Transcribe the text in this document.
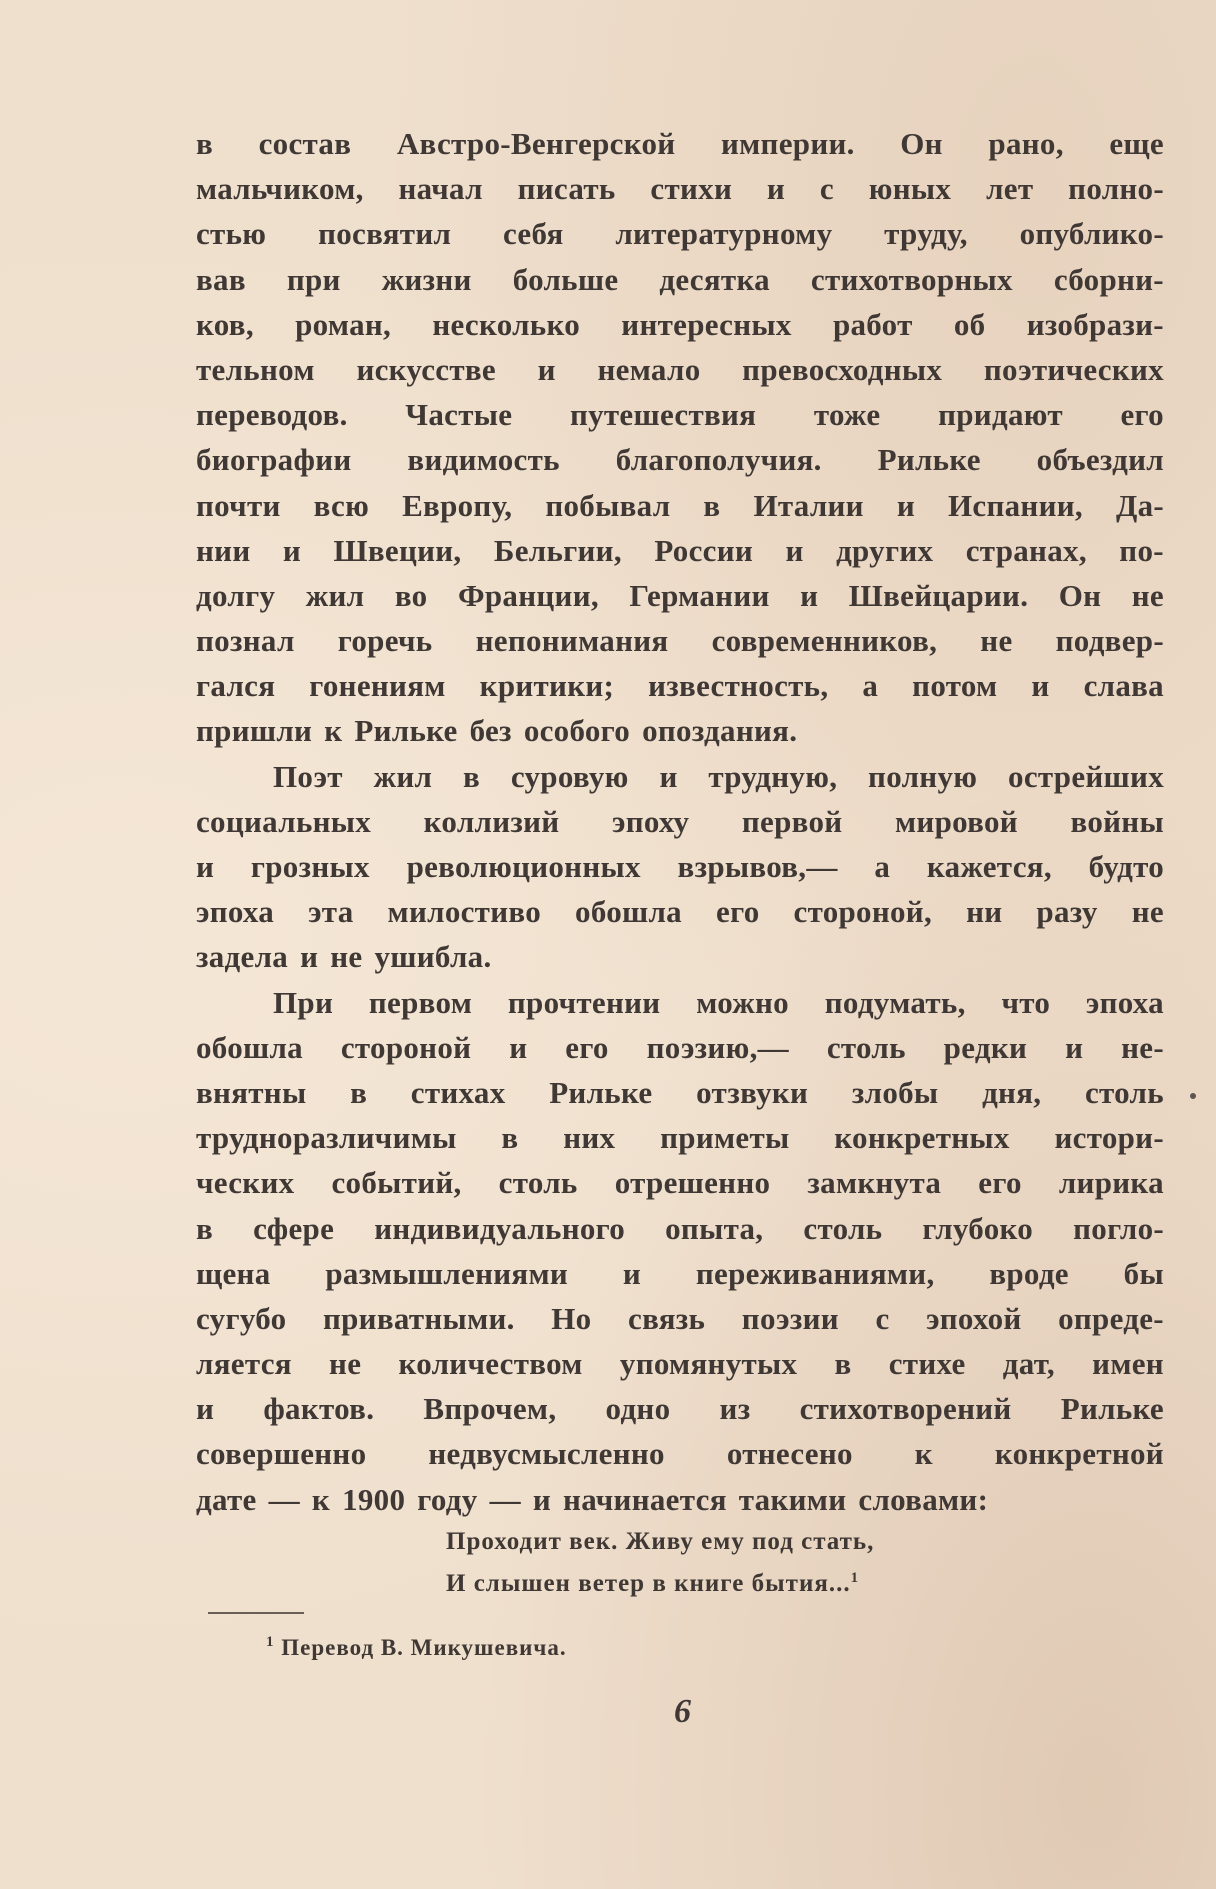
в состав Австро-Венгерской империи. Он рано, еще
мальчиком, начал писать стихи и с юных лет полно-
стью посвятил себя литературному труду, опублико-
вав при жизни больше десятка стихотворных сборни-
ков, роман, несколько интересных работ об изобрази-
тельном искусстве и немало превосходных поэтических
переводов. Частые путешествия тоже придают его
биографии видимость благополучия. Рильке объездил
почти всю Европу, побывал в Италии и Испании, Да-
нии и Швеции, Бельгии, России и других странах, по-
долгу жил во Франции, Германии и Швейцарии. Он не
познал горечь непонимания современников, не подвер-
гался гонениям критики; известность, а потом и слава
пришли к Рильке без особого опоздания.
Поэт жил в суровую и трудную, полную острейших
социальных коллизий эпоху первой мировой войны
и грозных революционных взрывов,— а кажется, будто
эпоха эта милостиво обошла его стороной, ни разу не
задела и не ушибла.
При первом прочтении можно подумать, что эпоха
обошла стороной и его поэзию,— столь редки и не-
внятны в стихах Рильке отзвуки злобы дня, столь
трудноразличимы в них приметы конкретных истори-
ческих событий, столь отрешенно замкнута его лирика
в сфере индивидуального опыта, столь глубоко погло-
щена размышлениями и переживаниями, вроде бы
сугубо приватными. Но связь поэзии с эпохой опреде-
ляется не количеством упомянутых в стихе дат, имен
и фактов. Впрочем, одно из стихотворений Рильке
совершенно недвусмысленно отнесено к конкретной
дате — к 1900 году — и начинается такими словами:
Проходит век. Живу ему под стать,
И слышен ветер в книге бытия...$^1$
$^1$ Перевод В. Микушевича.
6
